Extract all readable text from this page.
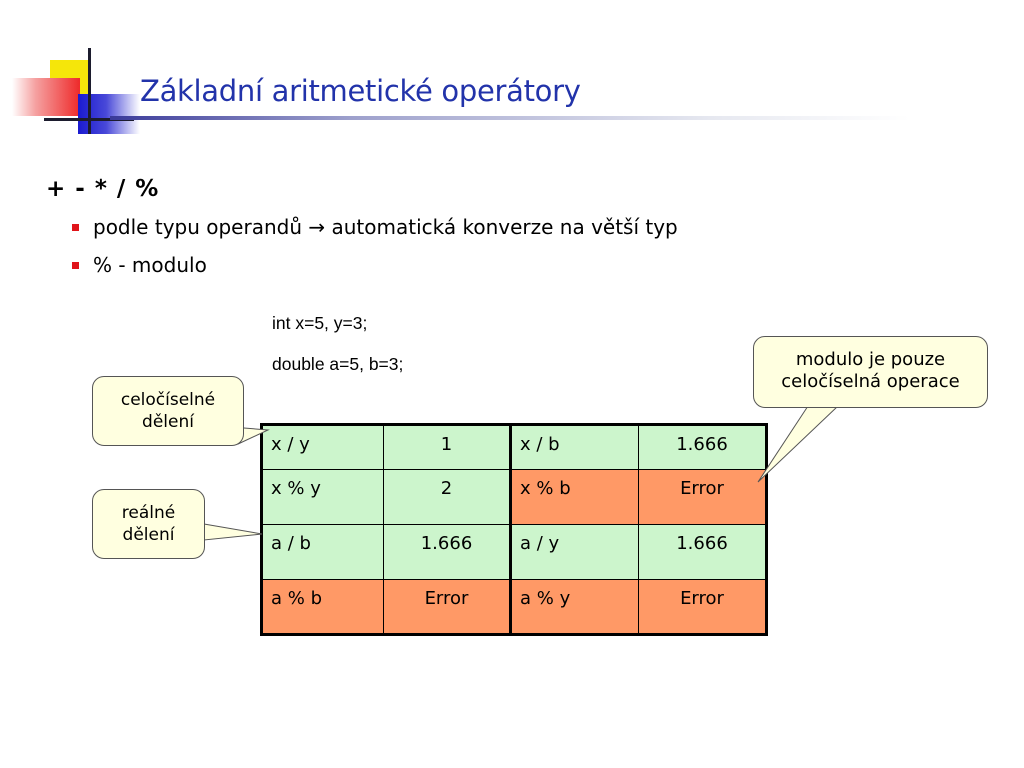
Základní aritmetické operátory
+ - * / %
podle typu operandů → automatická konverze na větší typ
% - modulo
int x=5, y=3;
double a=5, b=3;
x / y	1	x / b	1.666
x % y	2	x % b	Error
a / b	1.666	a / y	1.666
a % b	Error	a % y	Error
celočíselné
dělení
reálné
dělení
modulo je pouze
celočíselná operace
